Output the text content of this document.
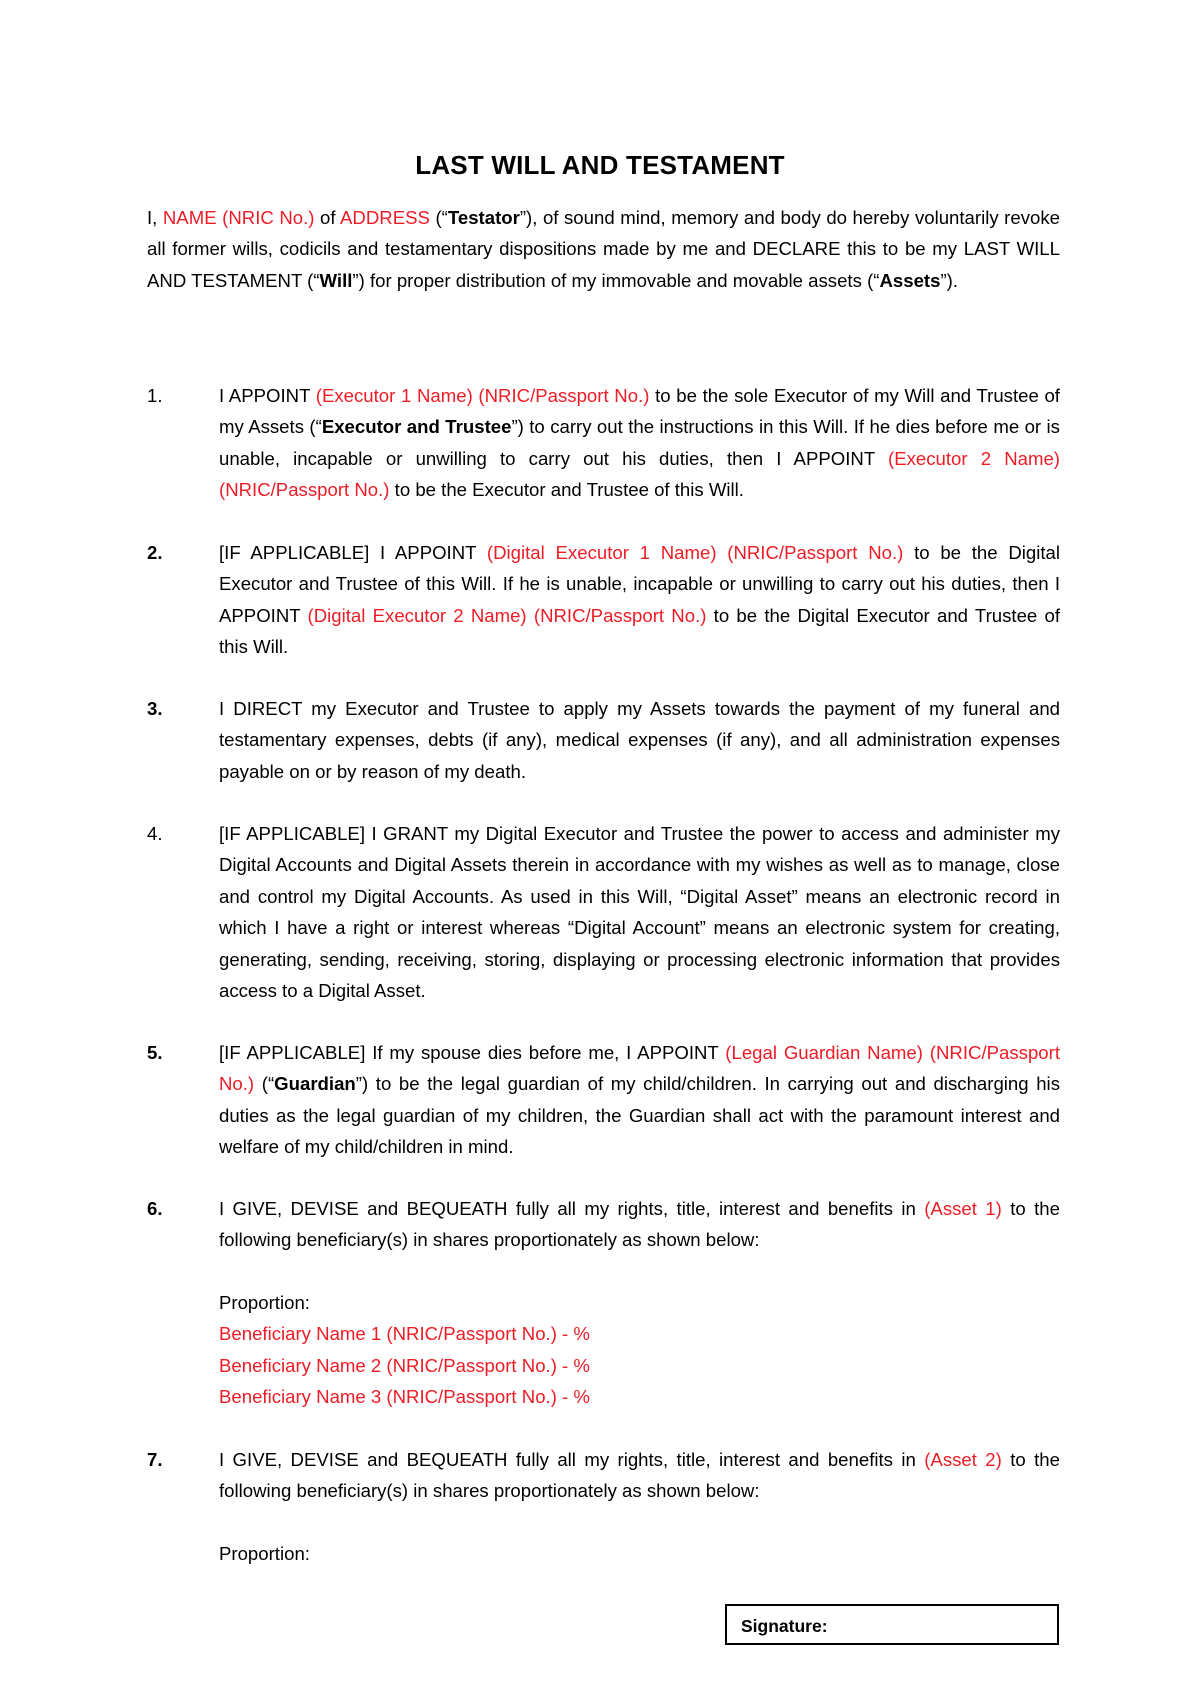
LAST WILL AND TESTAMENT
I, NAME (NRIC No.) of ADDRESS (“Testator”), of sound mind, memory and body do hereby voluntarily revoke all former wills, codicils and testamentary dispositions made by me and DECLARE this to be my LAST WILL AND TESTAMENT (“Will”) for proper distribution of my immovable and movable assets (“Assets”).
1.	I APPOINT (Executor 1 Name) (NRIC/Passport No.) to be the sole Executor of my Will and Trustee of my Assets (“Executor and Trustee”) to carry out the instructions in this Will. If he dies before me or is unable, incapable or unwilling to carry out his duties, then I APPOINT (Executor 2 Name) (NRIC/Passport No.) to be the Executor and Trustee of this Will.
2.	[IF APPLICABLE] I APPOINT (Digital Executor 1 Name) (NRIC/Passport No.) to be the Digital Executor and Trustee of this Will. If he is unable, incapable or unwilling to carry out his duties, then I APPOINT (Digital Executor 2 Name) (NRIC/Passport No.) to be the Digital Executor and Trustee of this Will.
3.	I DIRECT my Executor and Trustee to apply my Assets towards the payment of my funeral and testamentary expenses, debts (if any), medical expenses (if any), and all administration expenses payable on or by reason of my death.
4.	[IF APPLICABLE] I GRANT my Digital Executor and Trustee the power to access and administer my Digital Accounts and Digital Assets therein in accordance with my wishes as well as to manage, close and control my Digital Accounts. As used in this Will, “Digital Asset” means an electronic record in which I have a right or interest whereas “Digital Account” means an electronic system for creating, generating, sending, receiving, storing, displaying or processing electronic information that provides access to a Digital Asset.
5.	[IF APPLICABLE] If my spouse dies before me, I APPOINT (Legal Guardian Name) (NRIC/Passport No.) (“Guardian”) to be the legal guardian of my child/children. In carrying out and discharging his duties as the legal guardian of my children, the Guardian shall act with the paramount interest and welfare of my child/children in mind.
6.	I GIVE, DEVISE and BEQUEATH fully all my rights, title, interest and benefits in (Asset 1) to the following beneficiary(s) in shares proportionately as shown below:
Proportion:
Beneficiary Name 1 (NRIC/Passport No.) - %
Beneficiary Name 2 (NRIC/Passport No.) - %
Beneficiary Name 3 (NRIC/Passport No.) - %
7.	I GIVE, DEVISE and BEQUEATH fully all my rights, title, interest and benefits in (Asset 2) to the following beneficiary(s) in shares proportionately as shown below:
Proportion:
Signature:
